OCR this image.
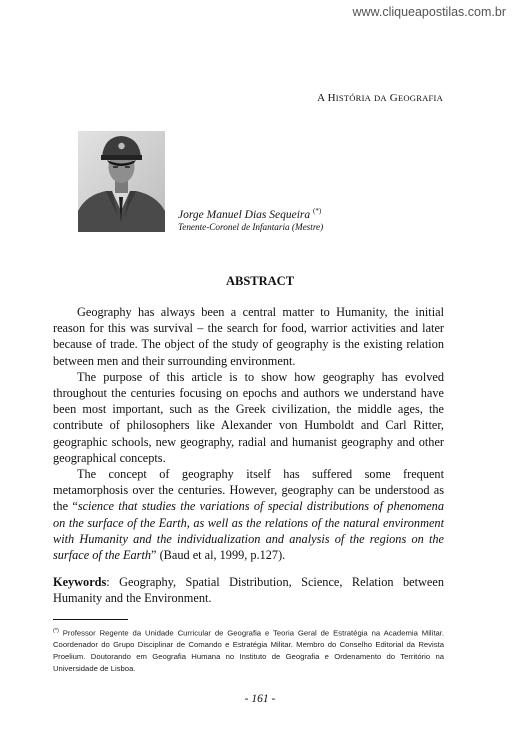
www.cliqueapostilas.com.br
A HISTÓRIA DA GEOGRAFIA
Jorge Manuel Dias Sequeira (*)
Tenente-Coronel de Infantaria (Mestre)
ABSTRACT

Geography has always been a central matter to Humanity, the initial reason for this was survival – the search for food, warrior activities and later because of trade. The object of the study of geography is the existing relation between men and their surrounding environment.

The purpose of this article is to show how geography has evolved throughout the centuries focusing on epochs and authors we understand have been most important, such as the Greek civilization, the middle ages, the contribute of philosophers like Alexander von Humboldt and Carl Ritter, geographic schools, new geography, radial and humanist geography and other geographical concepts.

The concept of geography itself has suffered some frequent metamorphosis over the centuries. However, geography can be understood as the “science that studies the variations of special distributions of phenomena on the surface of the Earth, as well as the relations of the natural environment with Humanity and the individualization and analysis of the regions on the surface of the Earth” (Baud et al, 1999, p.127).

Keywords: Geography, Spatial Distribution, Science, Relation between Humanity and the Environment.

(*) Professor Regente da Unidade Curricular de Geografia e Teoria Geral de Estratégia na Academia Militar. Coordenador do Grupo Disciplinar de Comando e Estratégia Militar. Membro do Conselho Editorial da Revista Proelium. Doutorando em Geografia Humana no Instituto de Geografia e Ordenamento do Território na Universidade de Lisboa.
- 161 -
